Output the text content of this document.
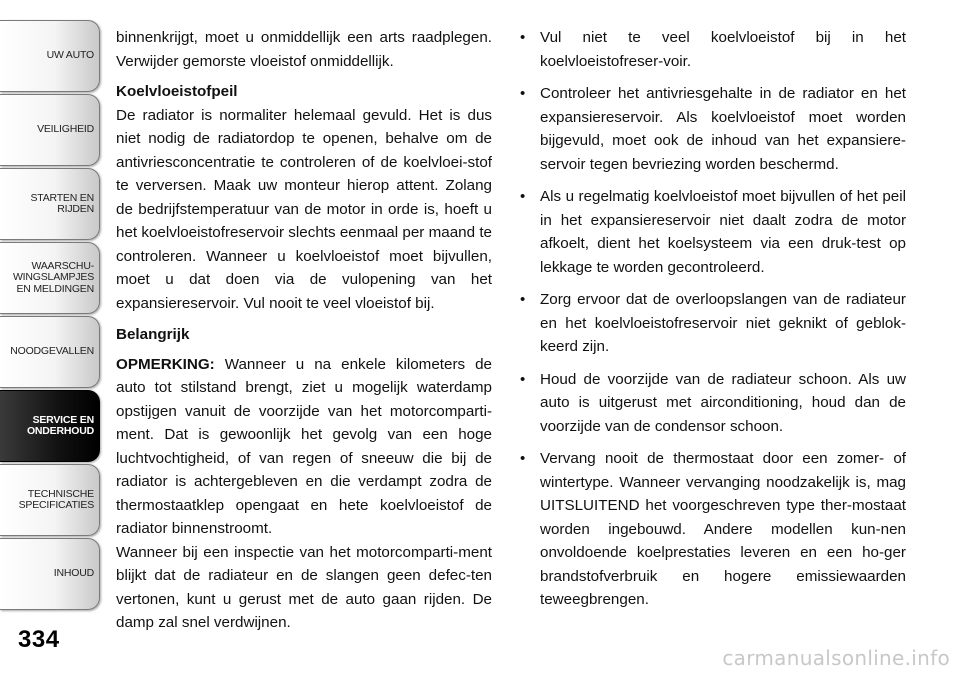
UW AUTO
VEILIGHEID
STARTEN EN
RIJDEN
WAARSCHU-
WINGSLAMPJES
EN MELDINGEN
NOODGEVALLEN
SERVICE EN
ONDERHOUD
TECHNISCHE
SPECIFICATIES
INHOUD
334

binnenkrijgt, moet u onmiddellijk een arts raadplegen. Verwijder gemorste vloeistof onmiddellijk.

Koelvloeistofpeil

De radiator is normaliter helemaal gevuld. Het is dus niet nodig de radiatordop te openen, behalve om de antivriesconcentratie te controleren of de koelvloei-stof te verversen. Maak uw monteur hierop attent. Zolang de bedrijfstemperatuur van de motor in orde is, hoeft u het koelvloeistofreservoir slechts eenmaal per maand te controleren. Wanneer u koelvloeistof moet bijvullen, moet u dat doen via de vulopening van het expansiereservoir. Vul nooit te veel vloeistof bij.

Belangrijk

OPMERKING: Wanneer u na enkele kilometers de auto tot stilstand brengt, ziet u mogelijk waterdamp opstijgen vanuit de voorzijde van het motorcomparti-ment. Dat is gewoonlijk het gevolg van een hoge luchtvochtigheid, of van regen of sneeuw die bij de radiator is achtergebleven en die verdampt zodra de thermostaatklep opengaat en hete koelvloeistof de radiator binnenstroomt.

Wanneer bij een inspectie van het motorcomparti-ment blijkt dat de radiateur en de slangen geen defec-ten vertonen, kunt u gerust met de auto gaan rijden. De damp zal snel verdwijnen.

• Vul niet te veel koelvloeistof bij in het koelvloeistofreser-voir.
• Controleer het antivriesgehalte in de radiator en het expansiereservoir. Als koelvloeistof moet worden bijgevuld, moet ook de inhoud van het expansiere-servoir tegen bevriezing worden beschermd.
• Als u regelmatig koelvloeistof moet bijvullen of het peil in het expansiereservoir niet daalt zodra de motor afkoelt, dient het koelsysteem via een druk-test op lekkage te worden gecontroleerd.
• Zorg ervoor dat de overloopslangen van de radiateur en het koelvloeistofreservoir niet geknikt of geblok-keerd zijn.
• Houd de voorzijde van de radiateur schoon. Als uw auto is uitgerust met airconditioning, houd dan de voorzijde van de condensor schoon.
• Vervang nooit de thermostaat door een zomer- of wintertype. Wanneer vervanging noodzakelijk is, mag UITSLUITEND het voorgeschreven type ther-mostaat worden ingebouwd. Andere modellen kun-nen onvoldoende koelprestaties leveren en een ho-ger brandstofverbruik en hogere emissiewaarden teweegbrengen.
carmanualsonline.info
